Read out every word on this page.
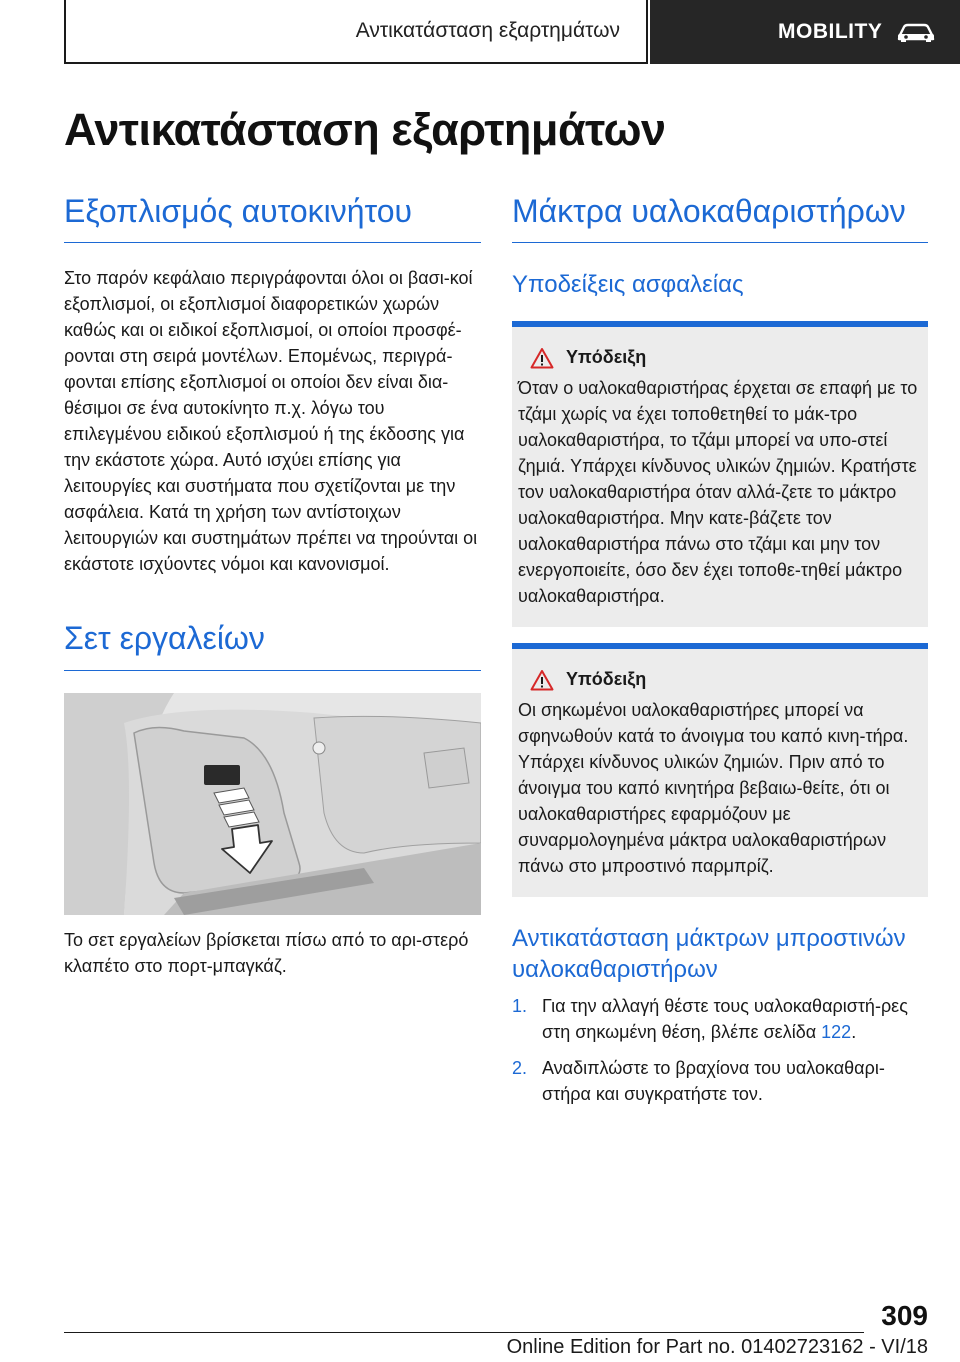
Αντικατάσταση εξαρτημάτων	MOBILITY
Αντικατάσταση εξαρτημάτων
Εξοπλισμός αυτοκινήτου

Στο παρόν κεφάλαιο περιγράφονται όλοι οι βασι-κοί εξοπλισμοί, οι εξοπλισμοί διαφορετικών χωρών καθώς και οι ειδικοί εξοπλισμοί, οι οποίοι προσφέ-ρονται στη σειρά μοντέλων. Επομένως, περιγρά-φονται επίσης εξοπλισμοί οι οποίοι δεν είναι δια-θέσιμοι σε ένα αυτοκίνητο π.χ. λόγω του επιλεγμένου ειδικού εξοπλισμού ή της έκδοσης για την εκάστοτε χώρα. Αυτό ισχύει επίσης για λειτουργίες και συστήματα που σχετίζονται με την ασφάλεια. Κατά τη χρήση των αντίστοιχων λειτουργιών και συστημάτων πρέπει να τηρούνται οι εκάστοτε ισχύοντες νόμοι και κανονισμοί.

Σετ εργαλείων

Το σετ εργαλείων βρίσκεται πίσω από το αρι-στερό κλαπέτο στο πορτ-μπαγκάζ.

Μάκτρα υαλοκαθαριστήρων
Υποδείξεις ασφαλείας
Υπόδειξη

Όταν ο υαλοκαθαριστήρας έρχεται σε επαφή με το τζάμι χωρίς να έχει τοποθετηθεί το μάκ-τρο υαλοκαθαριστήρα, το τζάμι μπορεί να υπο-στεί ζημιά. Υπάρχει κίνδυνος υλικών ζημιών. Κρατήστε τον υαλοκαθαριστήρα όταν αλλά-ζετε το μάκτρο υαλοκαθαριστήρα. Μην κατε-βάζετε τον υαλοκαθαριστήρα πάνω στο τζάμι και μην τον ενεργοποιείτε, όσο δεν έχει τοποθε-τηθεί μάκτρο υαλοκαθαριστήρα.

Υπόδειξη

Οι σηκωμένοι υαλοκαθαριστήρες μπορεί να σφηνωθούν κατά το άνοιγμα του καπό κινη-τήρα. Υπάρχει κίνδυνος υλικών ζημιών. Πριν από το άνοιγμα του καπό κινητήρα βεβαιω-θείτε, ότι οι υαλοκαθαριστήρες εφαρμόζουν με συναρμολογημένα μάκτρα υαλοκαθαριστήρων πάνω στο μπροστινό παρμπρίζ.

Αντικατάσταση μάκτρων μπροστινών υαλοκαθαριστήρων
1. Για την αλλαγή θέστε τους υαλοκαθαριστή-ρες στη σηκωμένη θέση, βλέπε σελίδα 122.
2. Αναδιπλώστε το βραχίονα του υαλοκαθαρι-στήρα και συγκρατήστε τον.
309
Online Edition for Part no. 01402723162 - VI/18
